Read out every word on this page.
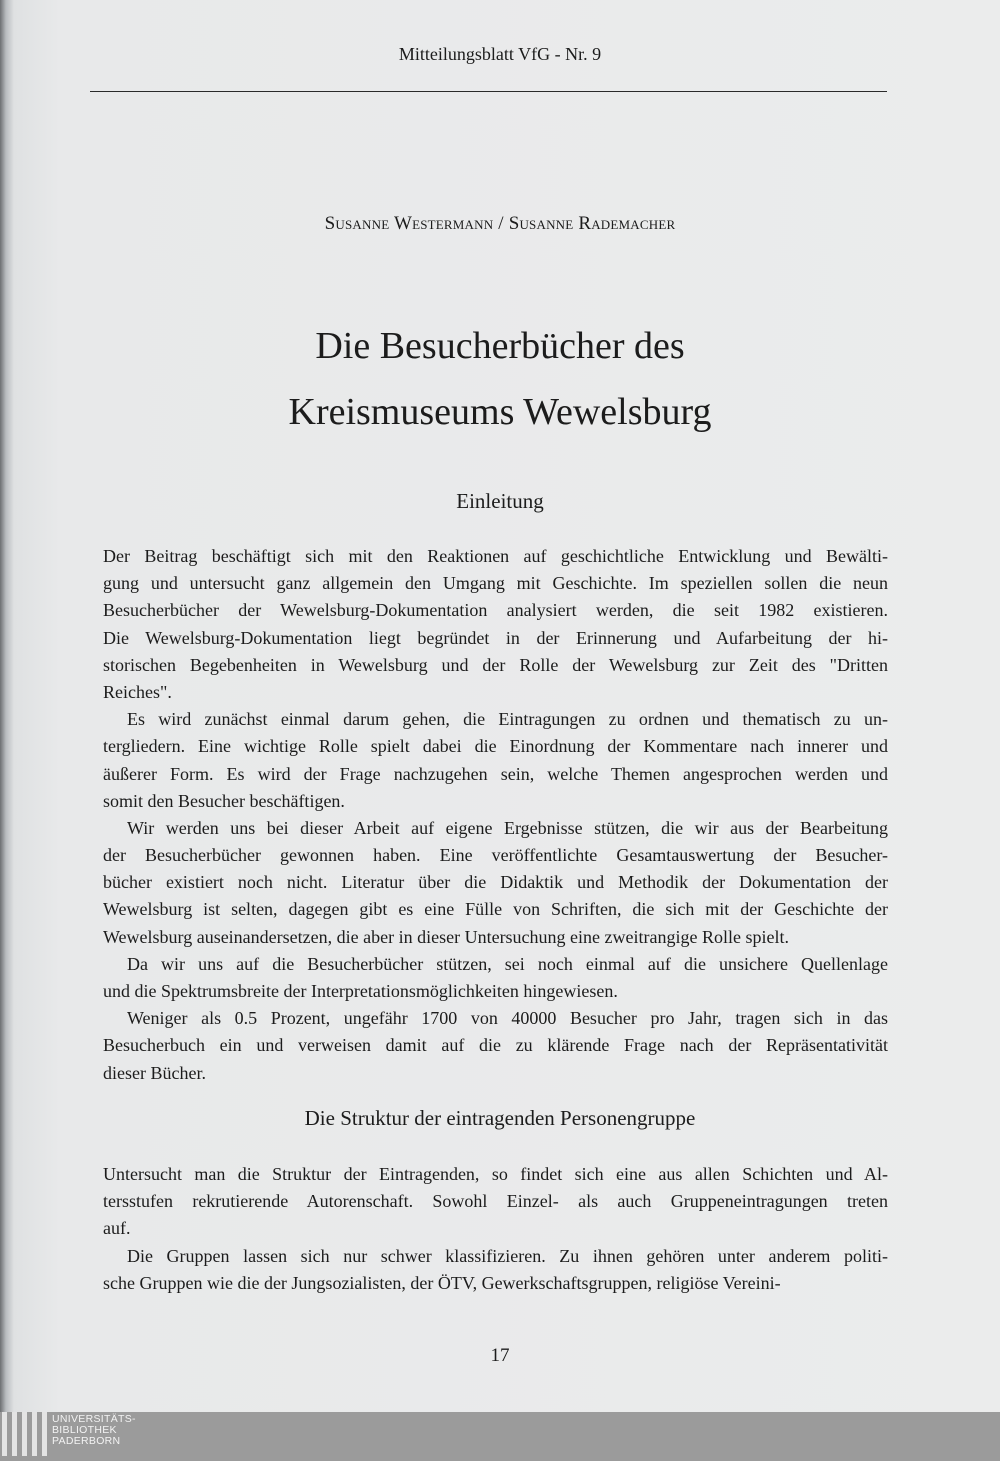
Mitteilungsblatt VfG - Nr. 9
Susanne Westermann / Susanne Rademacher
Die Besucherbücher des
Kreismuseums Wewelsburg
Einleitung
Der Beitrag beschäftigt sich mit den Reaktionen auf geschichtliche Entwicklung und Bewälti-
gung und untersucht ganz allgemein den Umgang mit Geschichte. Im speziellen sollen die neun
Besucherbücher der Wewelsburg-Dokumentation analysiert werden, die seit 1982 existieren.
Die Wewelsburg-Dokumentation liegt begründet in der Erinnerung und Aufarbeitung der hi-
storischen Begebenheiten in Wewelsburg und der Rolle der Wewelsburg zur Zeit des "Dritten
Reiches".
Es wird zunächst einmal darum gehen, die Eintragungen zu ordnen und thematisch zu un-
tergliedern. Eine wichtige Rolle spielt dabei die Einordnung der Kommentare nach innerer und
äußerer Form. Es wird der Frage nachzugehen sein, welche Themen angesprochen werden und
somit den Besucher beschäftigen.
Wir werden uns bei dieser Arbeit auf eigene Ergebnisse stützen, die wir aus der Bearbeitung
der Besucherbücher gewonnen haben. Eine veröffentlichte Gesamtauswertung der Besucher-
bücher existiert noch nicht. Literatur über die Didaktik und Methodik der Dokumentation der
Wewelsburg ist selten, dagegen gibt es eine Fülle von Schriften, die sich mit der Geschichte der
Wewelsburg auseinandersetzen, die aber in dieser Untersuchung eine zweitrangige Rolle spielt.
Da wir uns auf die Besucherbücher stützen, sei noch einmal auf die unsichere Quellenlage
und die Spektrumsbreite der Interpretationsmöglichkeiten hingewiesen.
Weniger als 0.5 Prozent, ungefähr 1700 von 40000 Besucher pro Jahr, tragen sich in das
Besucherbuch ein und verweisen damit auf die zu klärende Frage nach der Repräsentativität
dieser Bücher.
Die Struktur der eintragenden Personengruppe
Untersucht man die Struktur der Eintragenden, so findet sich eine aus allen Schichten und Al-
tersstufen rekrutierende Autorenschaft. Sowohl Einzel- als auch Gruppeneintragungen treten
auf.
Die Gruppen lassen sich nur schwer klassifizieren. Zu ihnen gehören unter anderem politi-
sche Gruppen wie die der Jungsozialisten, der ÖTV, Gewerkschaftsgruppen, religiöse Vereini-
17
UNIVERSITÄTS-
BIBLIOTHEK
PADERBORN
